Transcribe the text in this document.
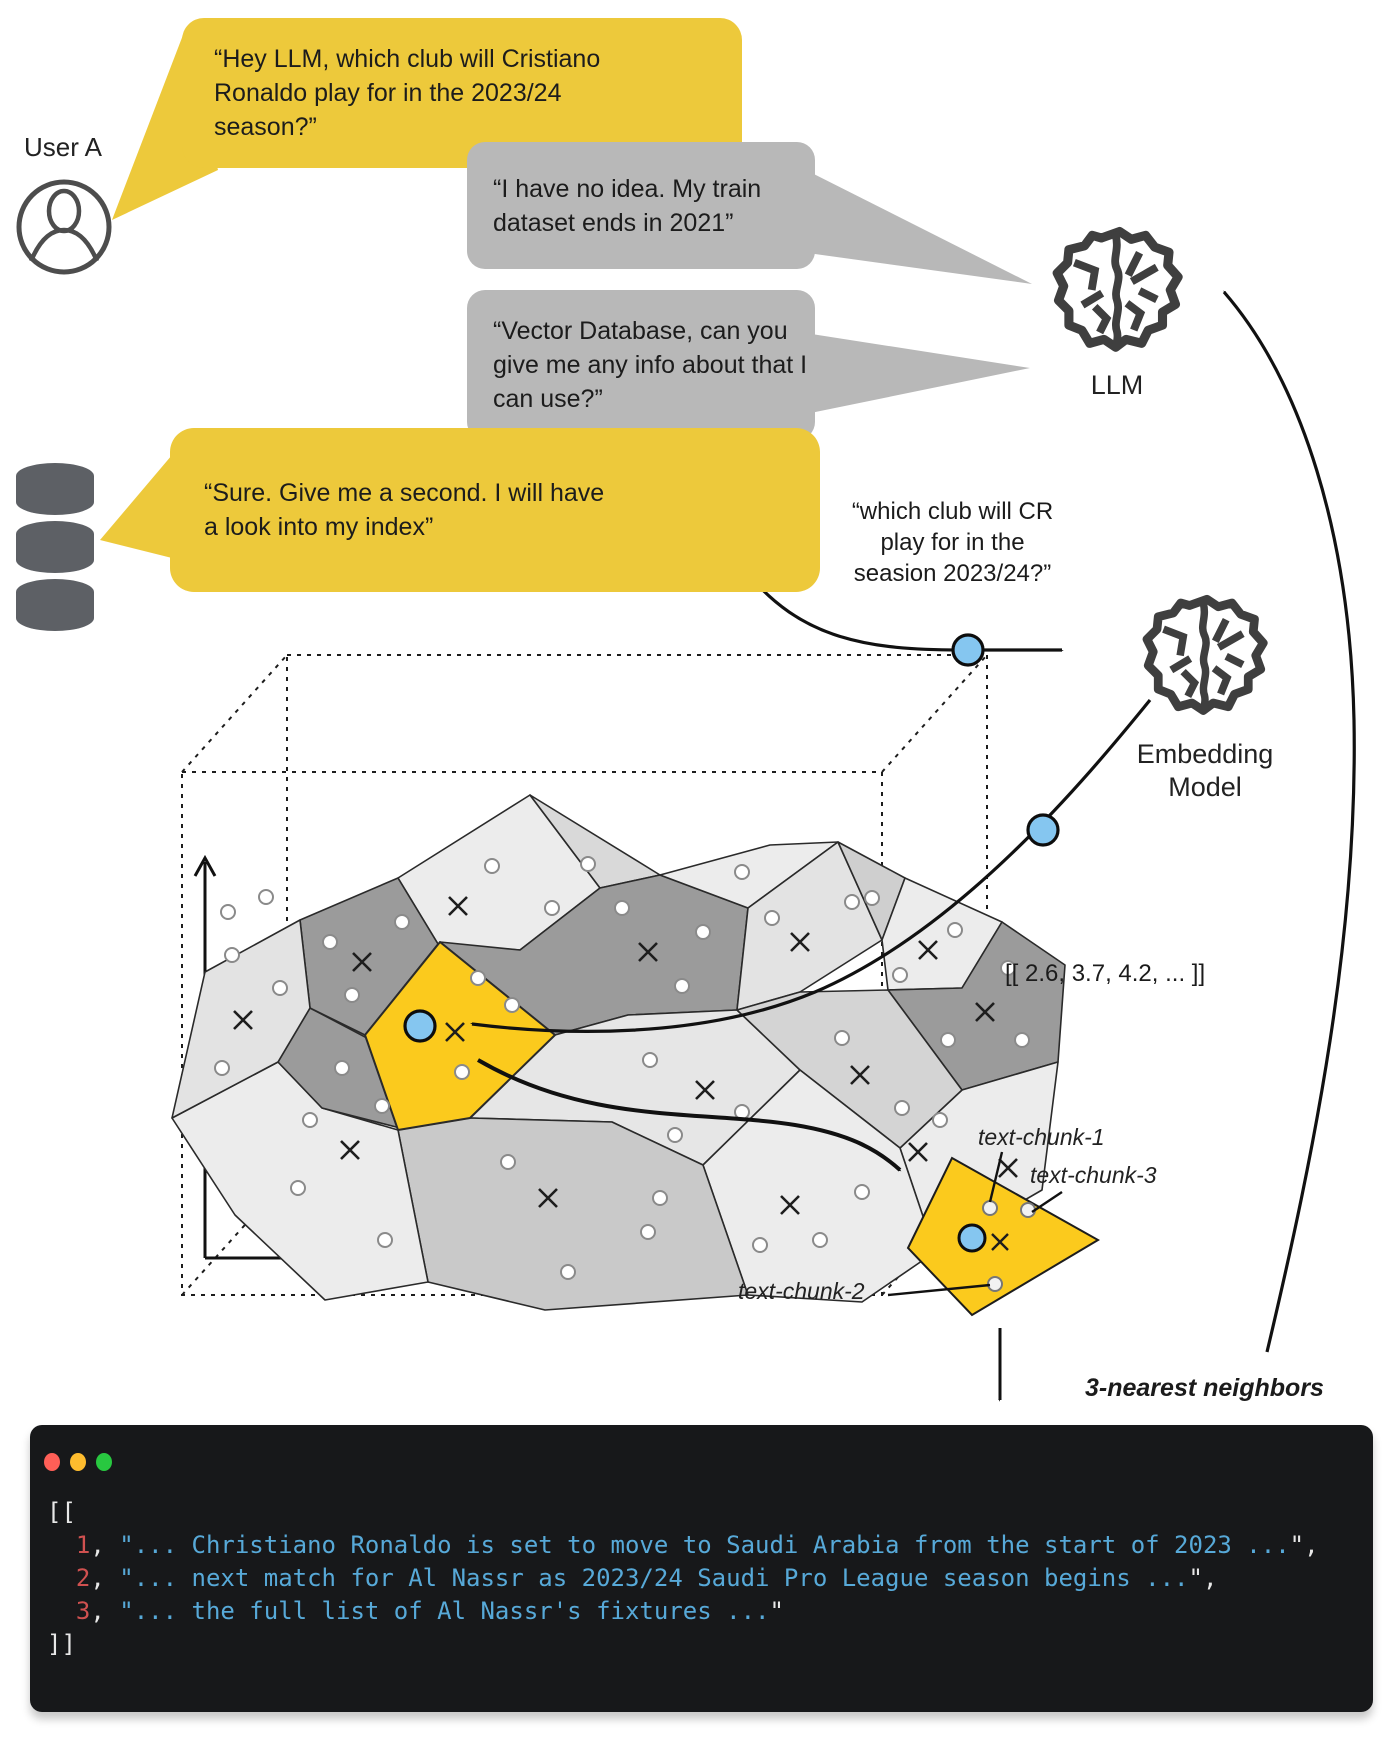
User A
“Hey LLM, which club will Cristiano
Ronaldo play for in the 2023/24
season?”
“I have no idea. My train
dataset ends in 2021”
“Vector Database, can you
give me any info about that I
can use?”
“Sure. Give me a second. I will have
a look into my index”
LLM
“which club will CR
play for in the
seasion 2023/24?”
Embedding
Model
[[ 2.6, 3.7, 4.2, ... ]]
text-chunk-1
text-chunk-3
text-chunk-2
3-nearest neighbors
[[
1, "... Christiano Ronaldo is set to move to Saudi Arabia from the start of 2023 ...",
2, "... next match for Al Nassr as 2023/24 Saudi Pro League season begins ...",
3, "... the full list of Al Nassr's fixtures ..."
]]
